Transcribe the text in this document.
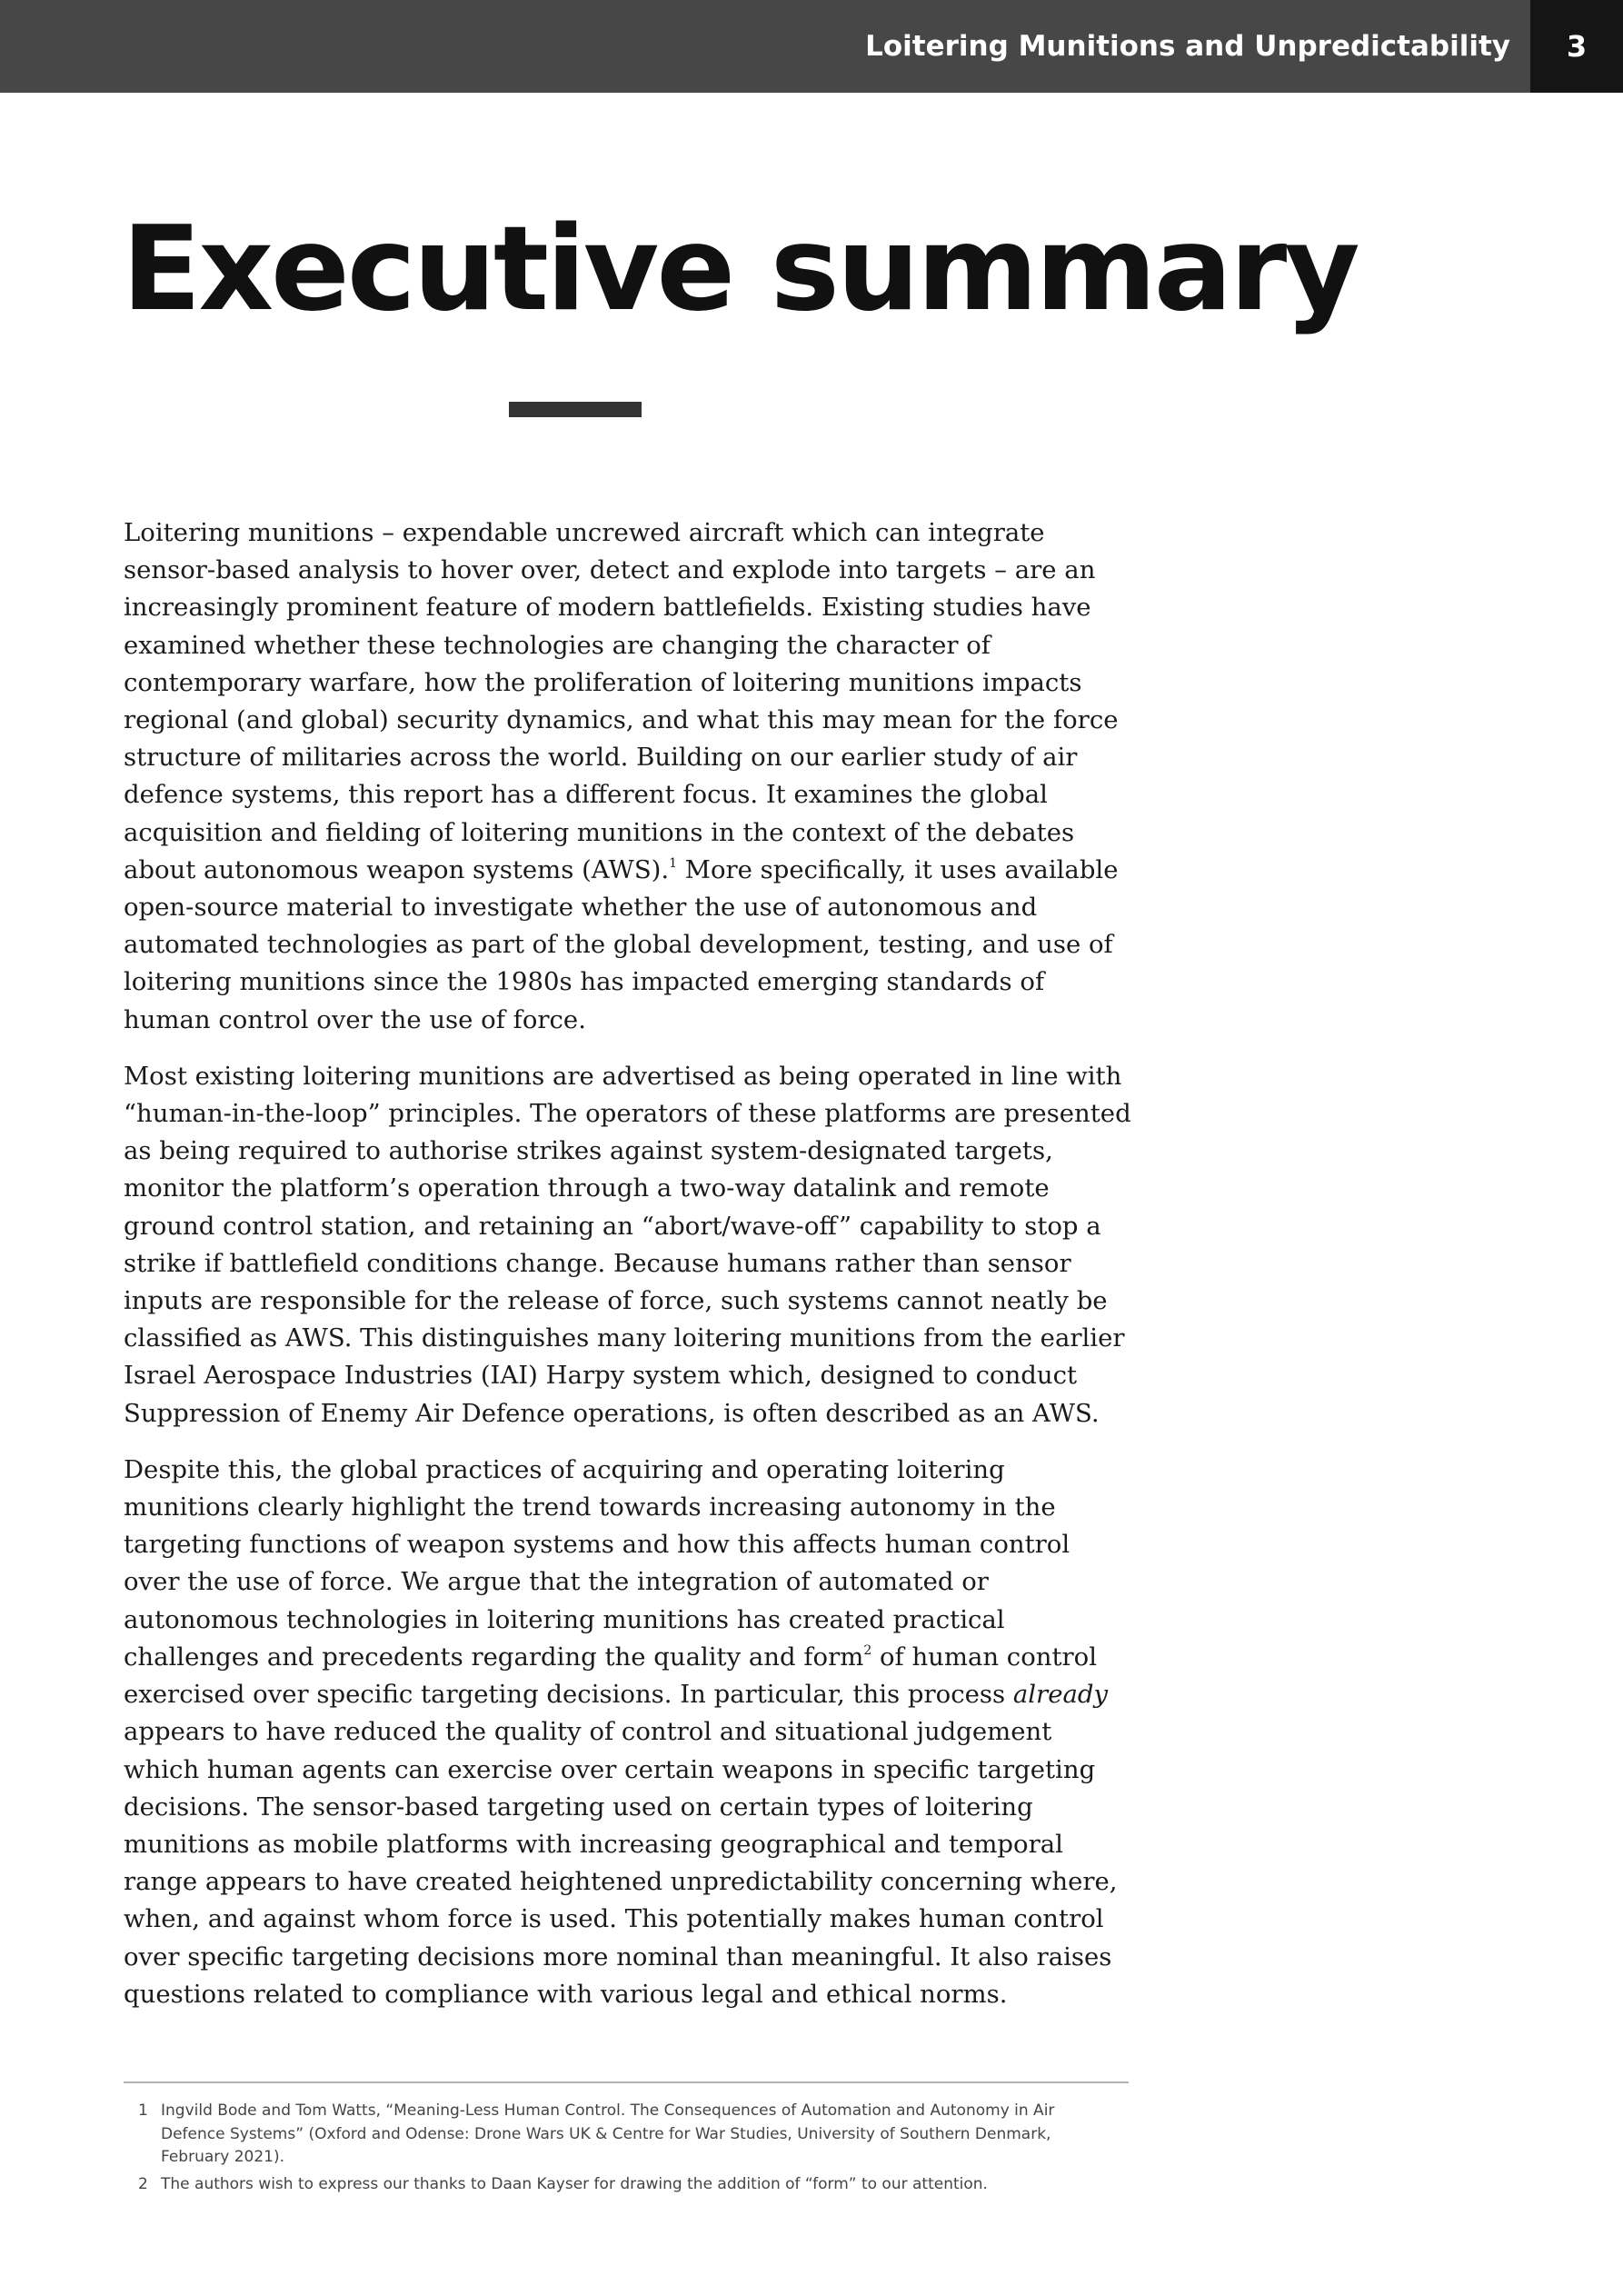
Loitering Munitions and Unpredictability	3
Executive summary

Loitering munitions – expendable uncrewed aircraft which can integrate sensor-based analysis to hover over, detect and explode into targets – are an increasingly prominent feature of modern battlefields. Existing studies have examined whether these technologies are changing the character of contemporary warfare, how the proliferation of loitering munitions impacts regional (and global) security dynamics, and what this may mean for the force structure of militaries across the world. Building on our earlier study of air defence systems, this report has a different focus. It examines the global acquisition and fielding of loitering munitions in the context of the debates about autonomous weapon systems (AWS).$^1$ More specifically, it uses available open-source material to investigate whether the use of autonomous and automated technologies as part of the global development, testing, and use of loitering munitions since the 1980s has impacted emerging standards of human control over the use of force.

Most existing loitering munitions are advertised as being operated in line with “human-in-the-loop” principles. The operators of these platforms are presented as being required to authorise strikes against system-designated targets, monitor the platform’s operation through a two-way datalink and remote ground control station, and retaining an “abort/wave-off” capability to stop a strike if battlefield conditions change. Because humans rather than sensor inputs are responsible for the release of force, such systems cannot neatly be classified as AWS. This distinguishes many loitering munitions from the earlier Israel Aerospace Industries (IAI) Harpy system which, designed to conduct Suppression of Enemy Air Defence operations, is often described as an AWS.

Despite this, the global practices of acquiring and operating loitering munitions clearly highlight the trend towards increasing autonomy in the targeting functions of weapon systems and how this affects human control over the use of force. We argue that the integration of automated or autonomous technologies in loitering munitions has created practical challenges and precedents regarding the quality and form$^2$ of human control exercised over specific targeting decisions. In particular, this process already appears to have reduced the quality of control and situational judgement which human agents can exercise over certain weapons in specific targeting decisions. The sensor-based targeting used on certain types of loitering munitions as mobile platforms with increasing geographical and temporal range appears to have created heightened unpredictability concerning where, when, and against whom force is used. This potentially makes human control over specific targeting decisions more nominal than meaningful. It also raises questions related to compliance with various legal and ethical norms.

1 Ingvild Bode and Tom Watts, “Meaning-Less Human Control. The Consequences of Automation and Autonomy in Air Defence Systems” (Oxford and Odense: Drone Wars UK & Centre for War Studies, University of Southern Denmark, February 2021).
2 The authors wish to express our thanks to Daan Kayser for drawing the addition of “form” to our attention.
